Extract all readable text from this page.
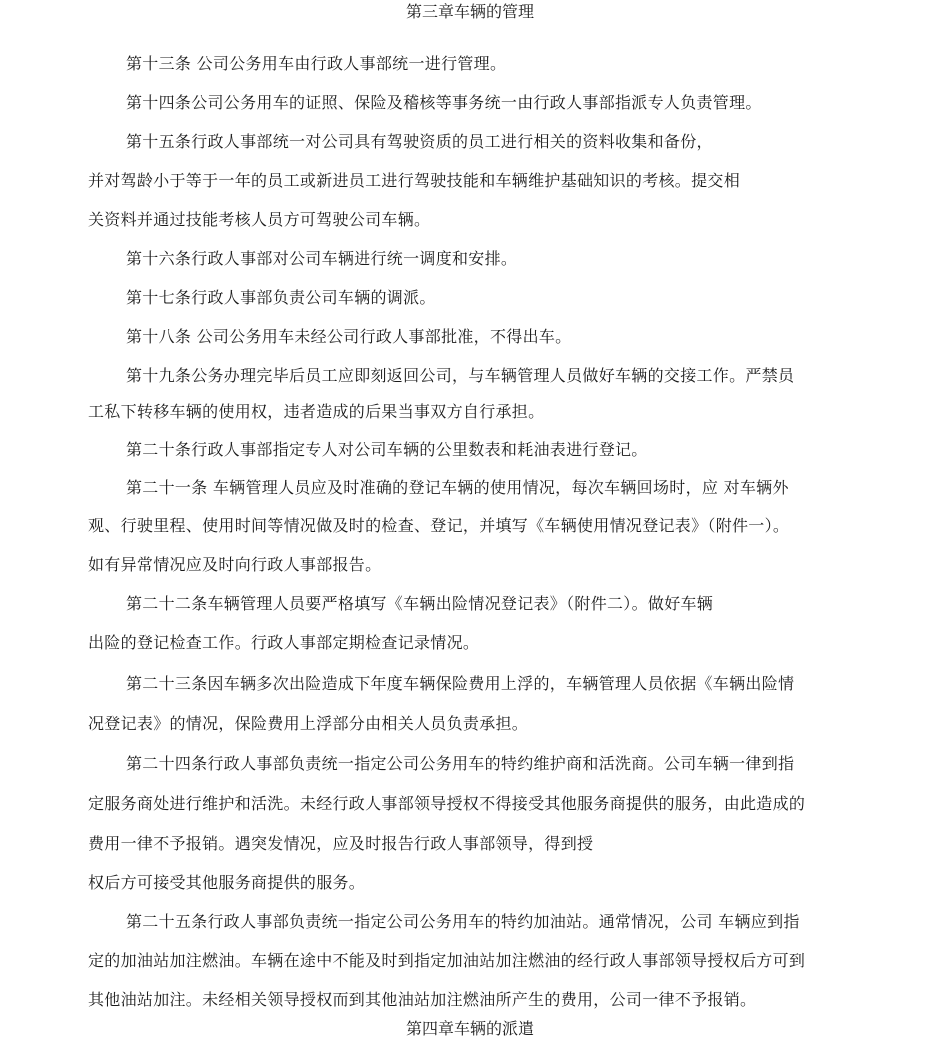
第三章车辆的管理
第十三条 公司公务用车由行政人事部统一进行管理。
第十四条公司公务用车的证照、保险及稽核等事务统一由行政人事部指派专人负责管理。
第十五条行政人事部统一对公司具有驾驶资质的员工进行相关的资料收集和备份，
并对驾龄小于等于一年的员工或新进员工进行驾驶技能和车辆维护基础知识的考核。提交相
关资料并通过技能考核人员方可驾驶公司车辆。
第十六条行政人事部对公司车辆进行统一调度和安排。
第十七条行政人事部负责公司车辆的调派。
第十八条 公司公务用车未经公司行政人事部批准，不得出车。
第十九条公务办理完毕后员工应即刻返回公司，与车辆管理人员做好车辆的交接工作。严禁员
工私下转移车辆的使用权，违者造成的后果当事双方自行承担。
第二十条行政人事部指定专人对公司车辆的公里数表和耗油表进行登记。
第二十一条 车辆管理人员应及时准确的登记车辆的使用情况，每次车辆回场时，应 对车辆外
观、行驶里程、使用时间等情况做及时的检查、登记，并填写《车辆使用情况登记表》（附件一）。
如有异常情况应及时向行政人事部报告。
第二十二条车辆管理人员要严格填写《车辆出险情况登记表》（附件二）。做好车辆
出险的登记检查工作。行政人事部定期检查记录情况。
第二十三条因车辆多次出险造成下年度车辆保险费用上浮的，车辆管理人员依据《车辆出险情
况登记表》的情况，保险费用上浮部分由相关人员负责承担。
第二十四条行政人事部负责统一指定公司公务用车的特约维护商和活洗商。公司车辆一律到指
定服务商处进行维护和活洗。未经行政人事部领导授权不得接受其他服务商提供的服务，由此造成的
费用一律不予报销。遇突发情况，应及时报告行政人事部领导，得到授
权后方可接受其他服务商提供的服务。
第二十五条行政人事部负责统一指定公司公务用车的特约加油站。通常情况，公司 车辆应到指
定的加油站加注燃油。车辆在途中不能及时到指定加油站加注燃油的经行政人事部领导授权后方可到
其他油站加注。未经相关领导授权而到其他油站加注燃油所产生的费用，公司一律不予报销。
第四章车辆的派遣
